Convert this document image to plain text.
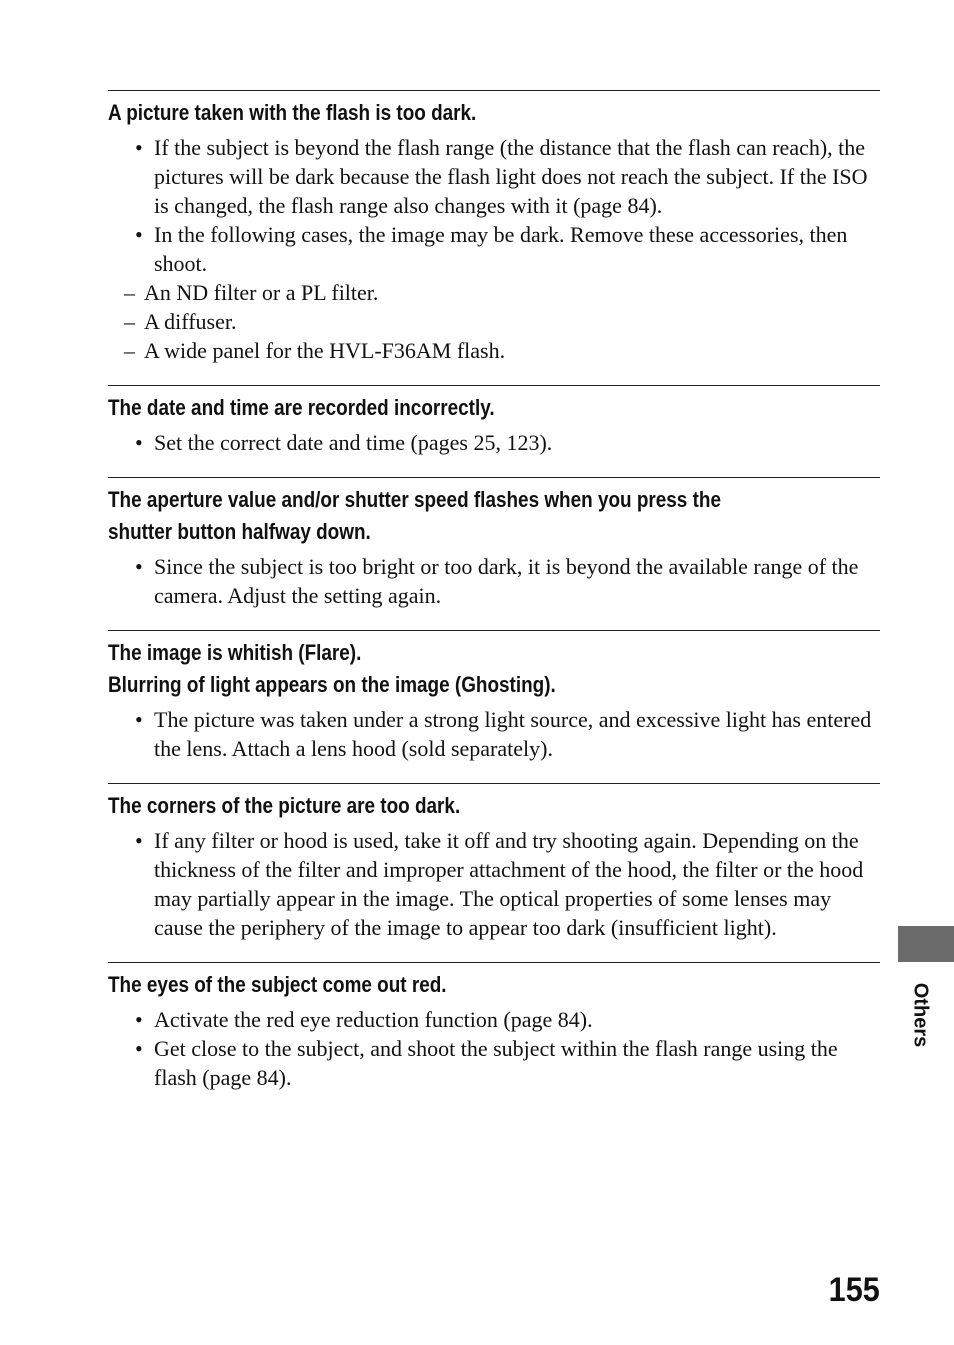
A picture taken with the flash is too dark.
• If the subject is beyond the flash range (the distance that the flash can reach), the pictures will be dark because the flash light does not reach the subject. If the ISO is changed, the flash range also changes with it (page 84).
• In the following cases, the image may be dark. Remove these accessories, then shoot.
– An ND filter or a PL filter.
– A diffuser.
– A wide panel for the HVL-F36AM flash.
The date and time are recorded incorrectly.
• Set the correct date and time (pages 25, 123).
The aperture value and/or shutter speed flashes when you press the
shutter button halfway down.
• Since the subject is too bright or too dark, it is beyond the available range of the camera. Adjust the setting again.
The image is whitish (Flare).
Blurring of light appears on the image (Ghosting).
• The picture was taken under a strong light source, and excessive light has entered the lens. Attach a lens hood (sold separately).
The corners of the picture are too dark.
• If any filter or hood is used, take it off and try shooting again. Depending on the thickness of the filter and improper attachment of the hood, the filter or the hood may partially appear in the image. The optical properties of some lenses may cause the periphery of the image to appear too dark (insufficient light).
The eyes of the subject come out red.
• Activate the red eye reduction function (page 84).
• Get close to the subject, and shoot the subject within the flash range using the flash (page 84).
Others
155
